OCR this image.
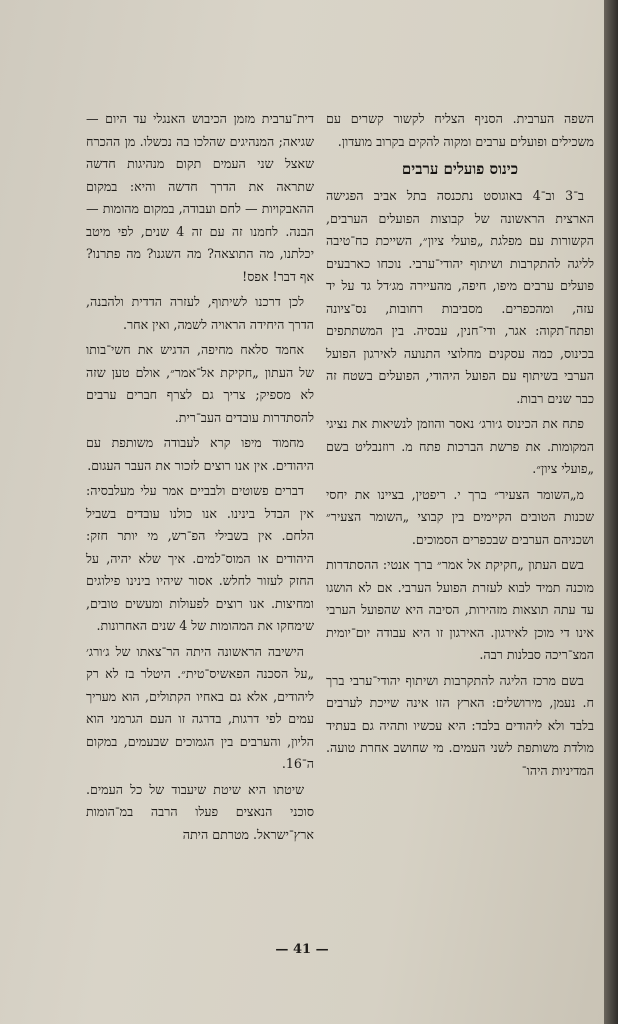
השפה הערבית. הסניף הצליח לקשור קשרים עם משכילים ופועלים ערבים ומקוה להקים בקרוב מועדון.

כינוס פועלים ערבים

ב־3 וב־4 באוגוסט נתכנסה בתל אביב הפגישה הארצית הראשונה של קבוצות הפועלים הערבים, הקשורות עם מפלגת „פועלי ציון״, השייכת כח־טיבה לליגה להתקרבות ושיתוף יהודי־ערבי. נוכחו כארבעים פועלים ערבים מיפו, חיפה, מהעיירה מג׳דל גד על יד עזה, ומהכפרים. מסביבות רחובות, נס־ציונה ופתח־תקוה: אגר, ודי־חנין, עבסיה. בין המשתתפים בכינוס, כמה עסקנים מחלוצי התנועה לאירגון הפועל הערבי בשיתוף עם הפועל היהודי, הפועלים בשטח זה כבר שנים רבות.

פתח את הכינוס ג׳ורג׳ נאסר והוזמן לנשיאות את נציגי המקומות. את פרשת הברכות פתח מ. רוזנבליט בשם „פועלי ציון״.

מ„השומר הצעיר״ ברך י. ריפטין, בציינו את יחסי שכנות הטובים הקיימים בין קבוצי „השומר הצעיר״ ושכניהם הערבים שבכפרים הסמוכים.

בשם העתון „חקיקת אל אמר״ ברך אנטי: ההסתדרות מוכנה תמיד לבוא לעזרת הפועל הערבי. אם לא הושגו עד עתה תוצאות מזהירות, הסיבה היא שהפועל הערבי אינו די מוכן לאירגון. האירגון זו היא עבודה יום־יומית המצ־ריכה סבלנות רבה.

בשם מרכז הליגה להתקרבות ושיתוף יהודי־ערבי ברך ח. נעמן, מירושלים: הארץ הזו אינה שייכת לערבים בלבד ולא ליהודים בלבד: היא עכשיו ותהיה גם בעתיד מולדת משותפת לשני העמים. מי שחושב אחרת טועה. המדיניות היהו־

דית־ערבית מזמן הכיבוש האנגלי עד היום — שגיאה; המנהיגים שהלכו בה נכשלו. מן ההכרח שאצל שני העמים תקום מנהיגות חדשה שתראה את הדרך חדשה והיא: במקום ההאבקויות — לחם ועבודה, במקום מהומות — הבנה. לחמנו זה עם זה 4 שנים, לפי מיטב יכלתנו, מה התוצאה? מה השגנו? מה פתרנו? אף דבר! אפס!

לכן דרכנו לשיתוף, לעזרה הדדית ולהבנה, הדרך היחידה הראויה לשמה, ואין אחר.

אחמד סלאח מחיפה, הדגיש את חשי־בותו של העתון „חקיקת אל־אמר״, אולם טען שזה לא מספיק; צריך גם לצרף חברים ערבים להסתדרות עובדים העב־רית.

מחמוד מיפו קרא לעבודה משותפת עם היהודים. אין אנו רוצים לזכור את העבר העגום.

דברים פשוטים ולבביים אמר עלי מעלבסיה: אין הבדל בינינו. אנו כולנו עובדים בשביל הלחם. אין בשבילי הפ־רש, מי יותר חזק: היהודים או המוס־למים. איך שלא יהיה, על החזק לעזור לחלש. אסור שיהיו בינינו פילוגים ומחיצות. אנו רוצים לפעולות ומעשים טובים, שימחקו את המהומות של 4 שנים האחרונות.

הישיבה הראשונה היתה הר־צאתו של ג׳ורג׳ „על הסכנה הפאשיס־טית״. היטלר בז לא רק ליהודים, אלא גם באחיו הקתולים, הוא מעריך עמים לפי דרגות, בדרגה זו העם הגרמני הוא הליון, והערבים בין הגמוכים שבעמים, במקום ה־16.

שיטתו היא שיטת שיעבוד של כל העמים. סוכני הנאצים פעלו הרבה במ־הומות ארץ־ישראל. מטרתם היתה

— 41 —
